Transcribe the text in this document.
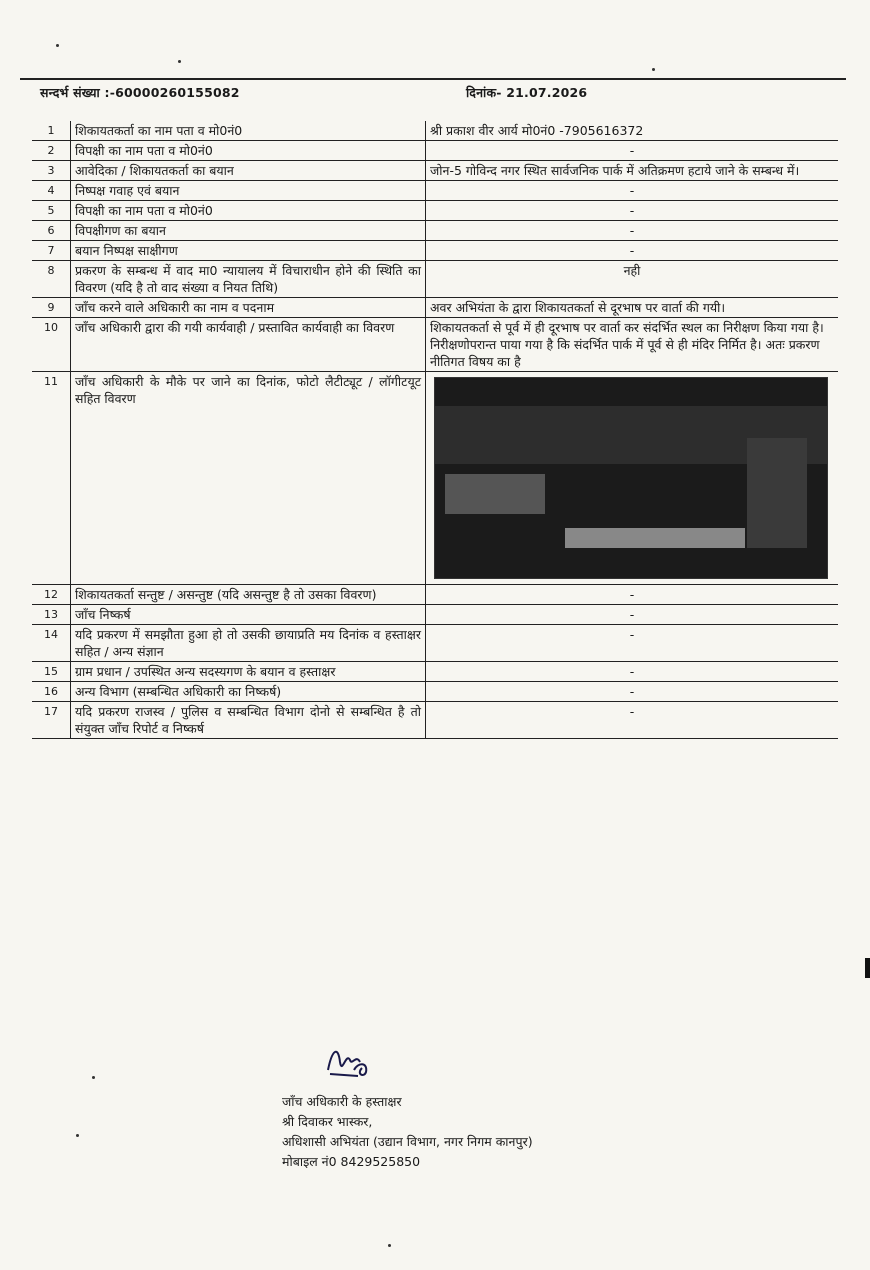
सन्दर्भ संख्या :-60000260155082	दिनांक- 21.07.2026
1	शिकायतकर्ता का नाम पता व मो0नं0	श्री प्रकाश वीर आर्य मो0नं0 -7905616372
2	विपक्षी का नाम पता व मो0नं0	-
3	आवेदिका / शिकायतकर्ता का बयान	जोन-5 गोविन्द नगर स्थित सार्वजनिक पार्क में अतिक्रमण हटाये जाने के सम्बन्ध में।
4	निष्पक्ष गवाह एवं बयान	-
5	विपक्षी का नाम पता व मो0नं0	-
6	विपक्षीगण का बयान	-
7	बयान निष्पक्ष साक्षीगण	-
8	प्रकरण के सम्बन्ध में वाद मा0 न्यायालय में विचाराधीन होने की स्थिति का विवरण (यदि है तो वाद संख्या व नियत तिथि)	नही
9	जाँच करने वाले अधिकारी का नाम व पदनाम	अवर अभियंता के द्वारा शिकायतकर्ता से दूरभाष पर वार्ता की गयी।
10	जाँच अधिकारी द्वारा की गयी कार्यवाही / प्रस्तावित कार्यवाही का विवरण	शिकायतकर्ता से पूर्व में ही दूरभाष पर वार्ता कर संदर्भित स्थल का निरीक्षण किया गया है। निरीक्षणोपरान्त पाया गया है कि संदर्भित पार्क में पूर्व से ही मंदिर निर्मित है। अतः प्रकरण नीतिगत विषय का है
11	जाँच अधिकारी के मौके पर जाने का दिनांक, फोटो लैटीट्यूट / लॉगीटयूट सहित विवरण	

12	शिकायतकर्ता सन्तुष्ट / असन्तुष्ट (यदि असन्तुष्ट है तो उसका विवरण)	-
13	जाँच निष्कर्ष	-
14	यदि प्रकरण में समझौता हुआ हो तो उसकी छायाप्रति मय दिनांक व हस्ताक्षर सहित / अन्य संज्ञान	-
15	ग्राम प्रधान / उपस्थित अन्य सदस्यगण के बयान व हस्ताक्षर	-
16	अन्य विभाग (सम्बन्धित अधिकारी का निष्कर्ष)	-
17	यदि प्रकरण राजस्व / पुलिस व सम्बन्धित विभाग दोनो से सम्बन्धित है तो संयुक्त जाँच रिपोर्ट व निष्कर्ष	-
जाँच अधिकारी के हस्ताक्षर
श्री दिवाकर भास्कर,
अधिशासी अभियंता (उद्यान विभाग, नगर निगम कानपुर)
मोबाइल नं0 8429525850
